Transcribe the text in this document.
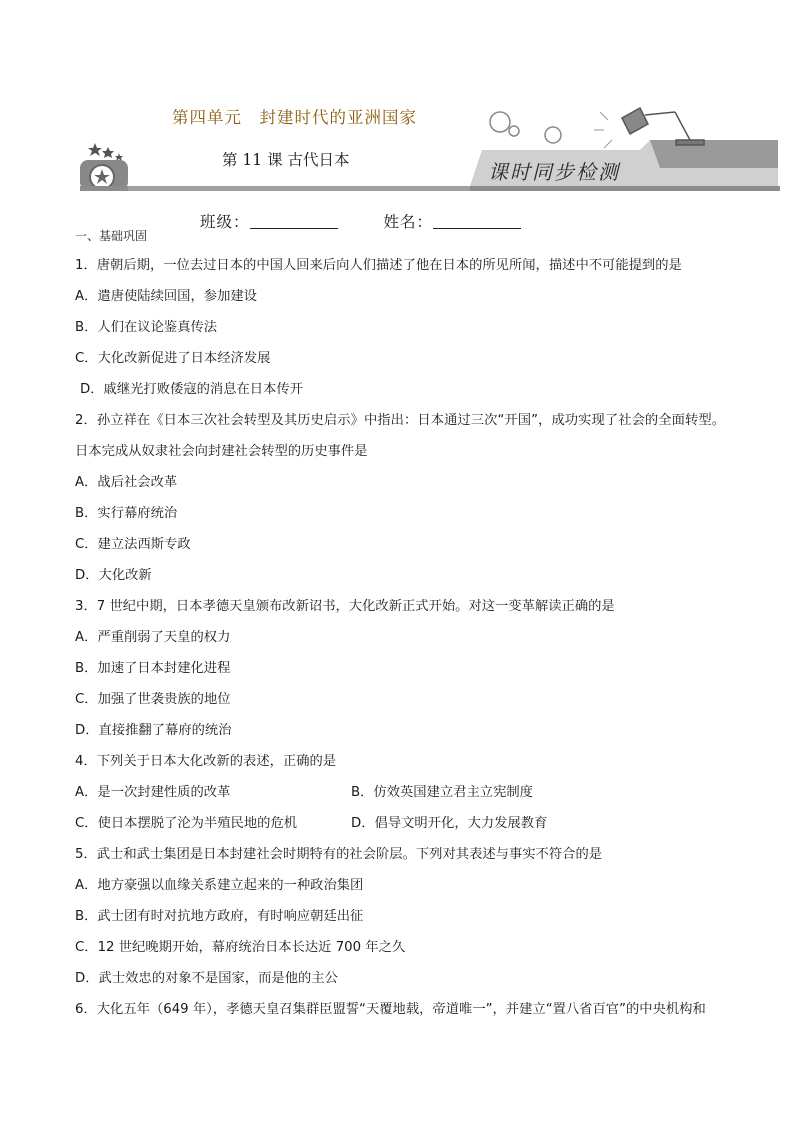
第四单元　封建时代的亚洲国家
第 11 课 古代日本	课时同步检测
班级：	姓名：
一、基础巩固
1．唐朝后期，一位去过日本的中国人回来后向人们描述了他在日本的所见所闻，描述中不可能提到的是
A．遣唐使陆续回国，参加建设
B．人们在议论鉴真传法
C．大化改新促进了日本经济发展
D．戚继光打败倭寇的消息在日本传开
2．孙立祥在《日本三次社会转型及其历史启示》中指出：日本通过三次“开国”，成功实现了社会的全面转型。日本完成从奴隶社会向封建社会转型的历史事件是
A．战后社会改革
B．实行幕府统治
C．建立法西斯专政
D．大化改新
3．7 世纪中期，日本孝德天皇颁布改新诏书，大化改新正式开始。对这一变革解读正确的是
A．严重削弱了天皇的权力
B．加速了日本封建化进程
C．加强了世袭贵族的地位
D．直接推翻了幕府的统治
4．下列关于日本大化改新的表述，正确的是
A．是一次封建性质的改革	B．仿效英国建立君主立宪制度
C．使日本摆脱了沦为半殖民地的危机	D．倡导文明开化，大力发展教育
5．武士和武士集团是日本封建社会时期特有的社会阶层。下列对其表述与事实不符合的是
A．地方豪强以血缘关系建立起来的一种政治集团
B．武士团有时对抗地方政府，有时响应朝廷出征
C．12 世纪晚期开始，幕府统治日本长达近 700 年之久
D．武士效忠的对象不是国家，而是他的主公
6．大化五年（649 年），孝德天皇召集群臣盟誓“天覆地载，帝道唯一”，并建立“置八省百官”的中央机构和
